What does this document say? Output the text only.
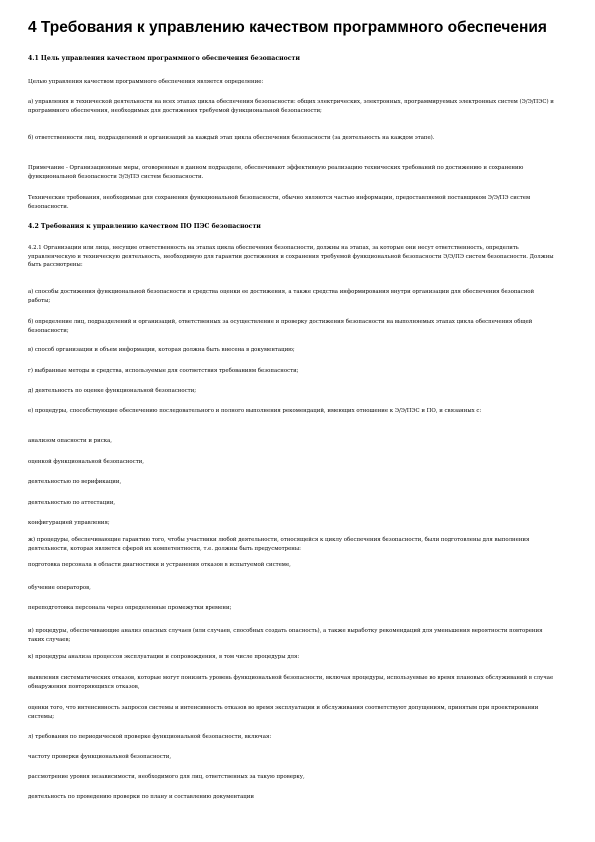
4 Требования к управлению качеством программного обеспечения
4.1 Цель управления качеством программного обеспечения безопасности
Целью управления качеством программного обеспечения является определение:
а) управления и технической деятельности на всех этапах цикла обеспечения безопасности: общих электрических, электронных, программируемых электронных систем (Э/Э/ПЭС) и программного обеспечения, необходимых для достижения требуемой функциональной безопасности;
б) ответственности лиц, подразделений и организаций за каждый этап цикла обеспечения безопасности (за деятельность на каждом этапе).
Примечание - Организационные меры, оговоренные в данном подразделе, обеспечивают эффективную реализацию технических требований по достижению и сохранению функциональной безопасности Э/Э/ПЭ систем безопасности.
Технические требования, необходимые для сохранения функциональной безопасности, обычно являются частью информации, предоставляемой поставщиком Э/Э/ПЭ систем безопасности.
4.2 Требования к управлению качеством ПО ПЭС безопасности
4.2.1 Организации или лица, несущие ответственность на этапах цикла обеспечения безопасности, должны на этапах, за которые они несут ответственность, определить управленческую и техническую деятельность, необходимую для гарантии достижения и сохранения требуемой функциональной безопасности Э/Э/ПЭ систем безопасности. Должны быть рассмотрены:
а) способы достижения функциональной безопасности и средства оценки ее достижения, а также средства информирования внутри организации для обеспечения безопасной работы;
б) определение лиц, подразделений и организаций, ответственных за осуществление и проверку достижения безопасности на выполняемых этапах цикла обеспечения общей безопасности;
в) способ организации и объем информации, которая должна быть внесена в документацию;
г) выбранные методы и средства, используемые для соответствия требованиям безопасности;
д) деятельность по оценке функциональной безопасности;
е) процедуры, способствующие обеспечению последовательного и полного выполнения рекомендаций, имеющих отношение к Э/Э/ПЭС и ПО, и связанных с:
анализом опасности и риска,
оценкой функциональной безопасности,
деятельностью по верификации,
деятельностью по аттестации,
конфигурацией управления;
ж) процедуры, обеспечивающие гарантию того, чтобы участники любой деятельности, относящейся к циклу обеспечения безопасности, были подготовлены для выполнения деятельности, которая является сферой их компетентности, т.е. должны быть предусмотрены:
подготовка персонала в области диагностики и устранения отказов в испытуемой системе,
обучение операторов,
переподготовка персонала через определенные промежутки времени;
и) процедуры, обеспечивающие анализ опасных случаев (или случаев, способных создать опасность), а также выработку рекомендаций для уменьшения вероятности повторения таких случаев;
к) процедуры анализа процессов эксплуатации и сопровождения, в том числе процедуры для:
выявления систематических отказов, которые могут понизить уровень функциональной безопасности, включая процедуры, используемые во время плановых обслуживаний в случае обнаружения повторяющихся отказов,
оценки того, что интенсивность запросов системы и интенсивность отказов во время эксплуатации и обслуживания соответствуют допущениям, принятым при проектировании системы;
л) требования по периодической проверке функциональной безопасности, включая:
частоту проверки функциональной безопасности,
рассмотрение уровня независимости, необходимого для лиц, ответственных за такую проверку,
деятельность по проведению проверки по плану и составлению документации
